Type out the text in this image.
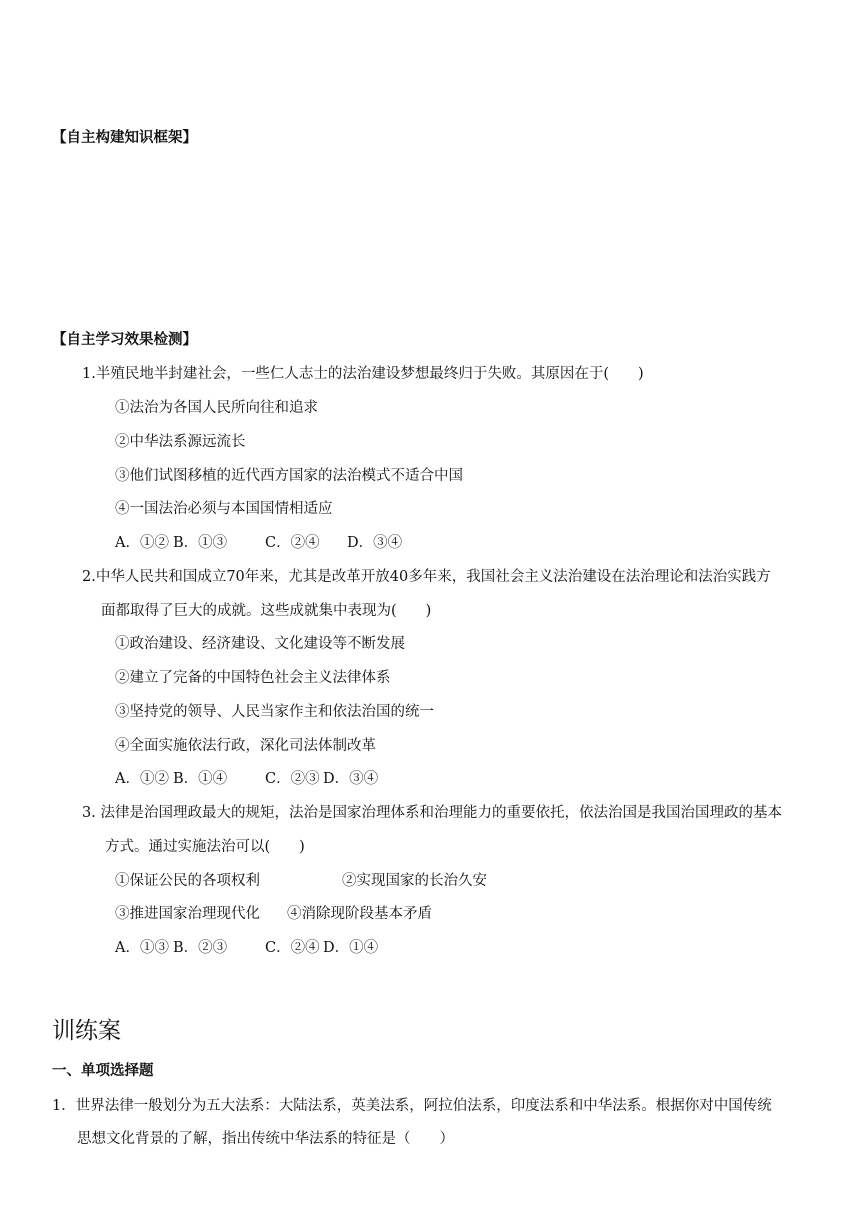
【自主构建知识框架】
【自主学习效果检测】
1.半殖民地半封建社会，一些仁人志士的法治建设梦想最终归于失败。其原因在于(　　)
①法治为各国人民所向往和追求
②中华法系源远流长
③他们试图移植的近代西方国家的法治模式不适合中国
④一国法治必须与本国国情相适应
A．①② B．①③	C．②④ D．③④
2.中华人民共和国成立70年来，尤其是改革开放40多年来，我国社会主义法治建设在法治理论和法治实践方
面都取得了巨大的成就。这些成就集中表现为(　　)
①政治建设、经济建设、文化建设等不断发展
②建立了完备的中国特色社会主义法律体系
③坚持党的领导、人民当家作主和依法治国的统一
④全面实施依法行政，深化司法体制改革
A．①② B．①④	C．②③ D．③④
3. 法律是治国理政最大的规矩，法治是国家治理体系和治理能力的重要依托，依法治国是我国治国理政的基本
方式。通过实施法治可以(　　)
①保证公民的各项权利	②实现国家的长治久安
③推进国家治理现代化 ④消除现阶段基本矛盾
A．①③ B．②③	C．②④ D．①④
训练案
一、单项选择题
1．世界法律一般划分为五大法系：大陆法系，英美法系，阿拉伯法系，印度法系和中华法系。根据你对中国传统
思想文化背景的了解，指出传统中华法系的特征是（　　）
